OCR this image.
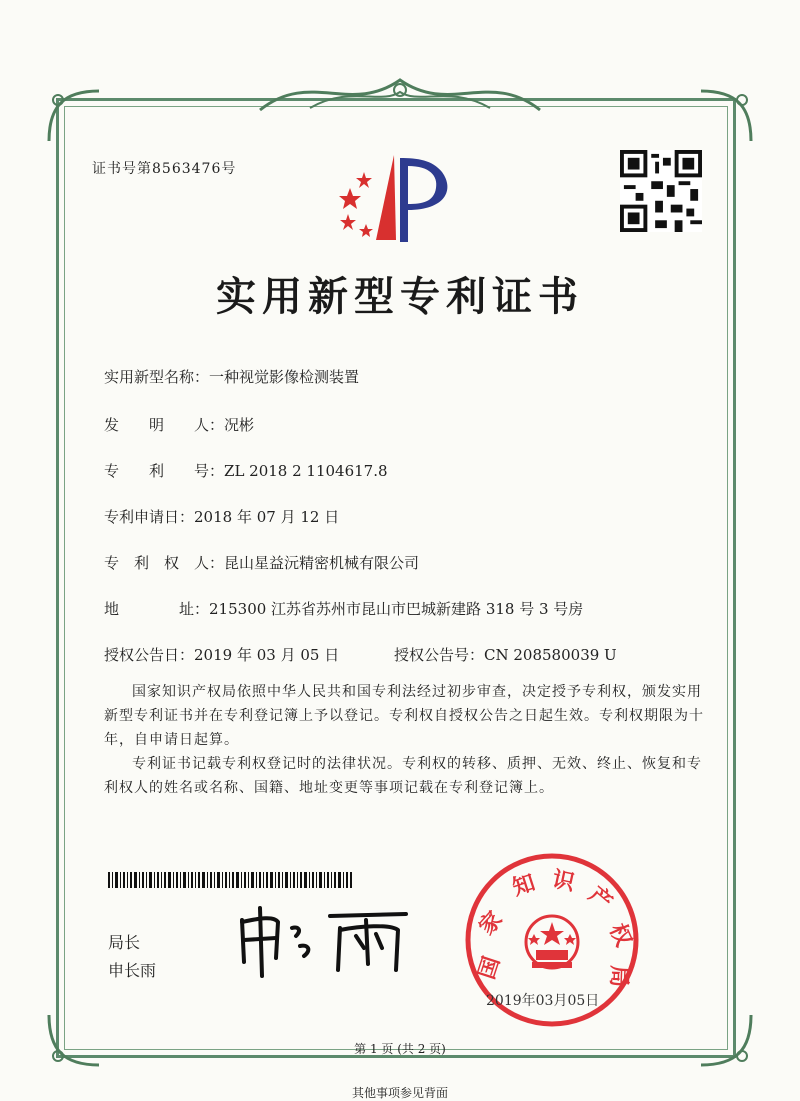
证书号第8563476号
实用新型专利证书
实用新型名称：一种视觉影像检测装置
发　　明　　人：况彬
专　　利　　号：ZL 2018 2 1104617.8
专利申请日：2018 年 07 月 12 日
专　利　权　人：昆山星益沅精密机械有限公司
地　　　　址：215300 江苏省苏州市昆山市巴城新建路 318 号 3 号房
授权公告日：2019 年 03 月 05 日	授权公告号：CN 208580039 U
国家知识产权局依照中华人民共和国专利法经过初步审查，决定授予专利权，颁发实用新型专利证书并在专利登记簿上予以登记。专利权自授权公告之日起生效。专利权期限为十年，自申请日起算。
专利证书记载专利权登记时的法律状况。专利权的转移、质押、无效、终止、恢复和专利权人的姓名或名称、国籍、地址变更等事项记载在专利登记簿上。
局长
申长雨	国
家
知 识
产
权
局
2019年03月05日
第 1 页 (共 2 页)
其他事项参见背面
